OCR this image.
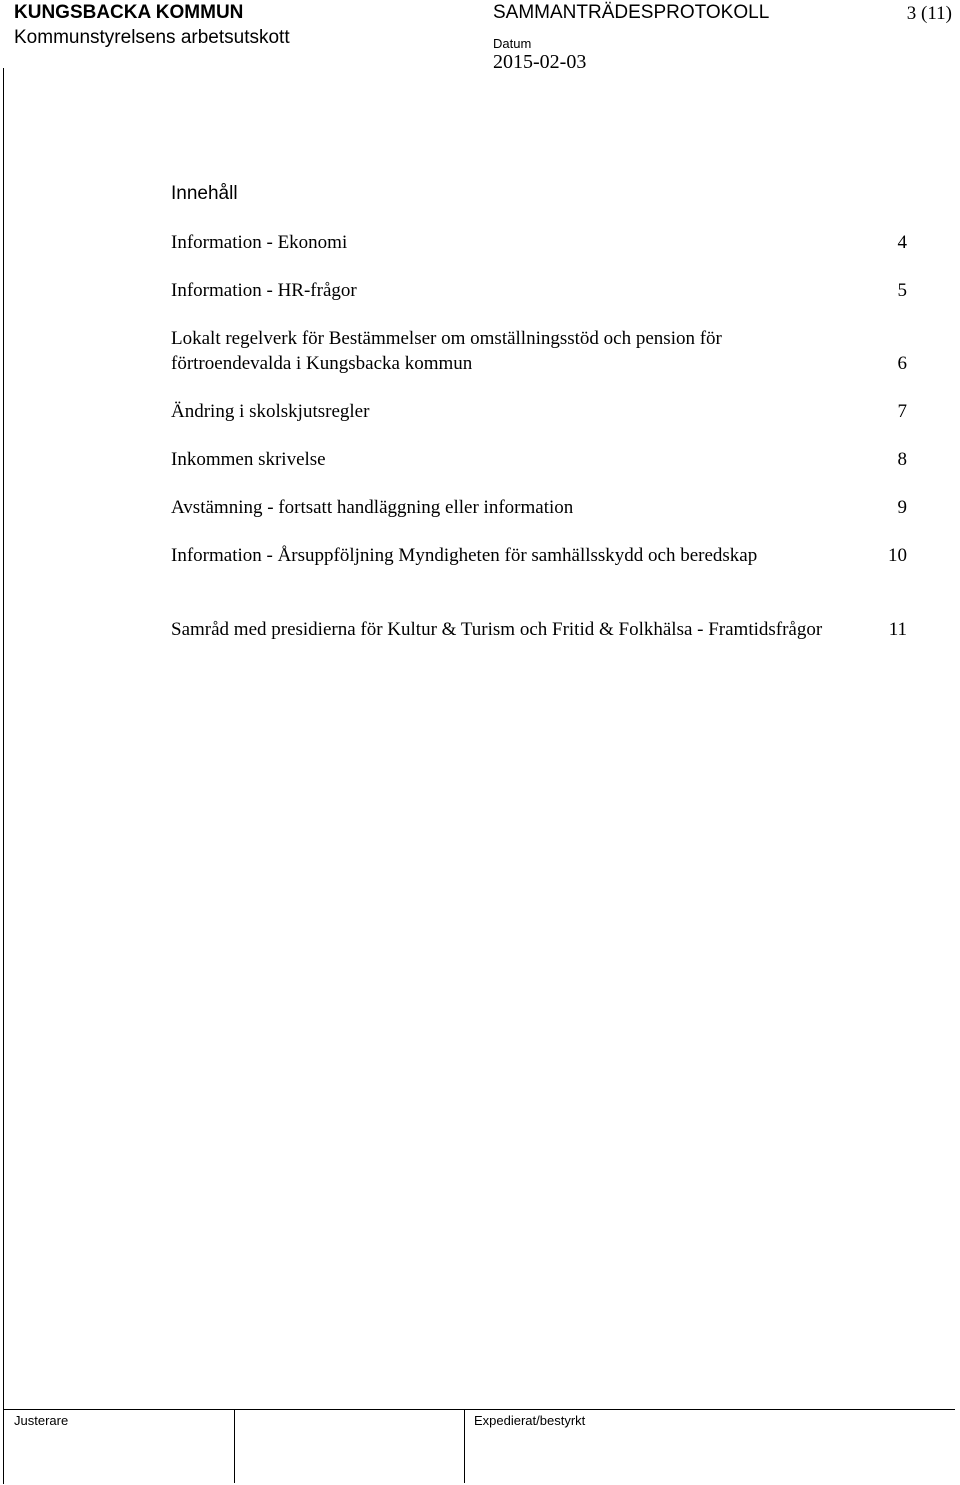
KUNGSBACKA KOMMUN
Kommunstyrelsens arbetsutskott
SAMMANTRÄDESPROTOKOLL	3 (11)
Datum
2015-02-03
Innehåll
Information - Ekonomi	4
Information - HR-frågor	5
Lokalt regelverk för Bestämmelser om omställningsstöd och pension för förtroendevalda i Kungsbacka kommun	6
Ändring i skolskjutsregler	7
Inkommen skrivelse	8
Avstämning - fortsatt handläggning eller information	9
Information - Årsuppföljning Myndigheten för samhällsskydd och beredskap	10
Samråd med presidierna för Kultur & Turism och Fritid & Folkhälsa - Framtidsfrågor	11
Justerare	Expedierat/bestyrkt
